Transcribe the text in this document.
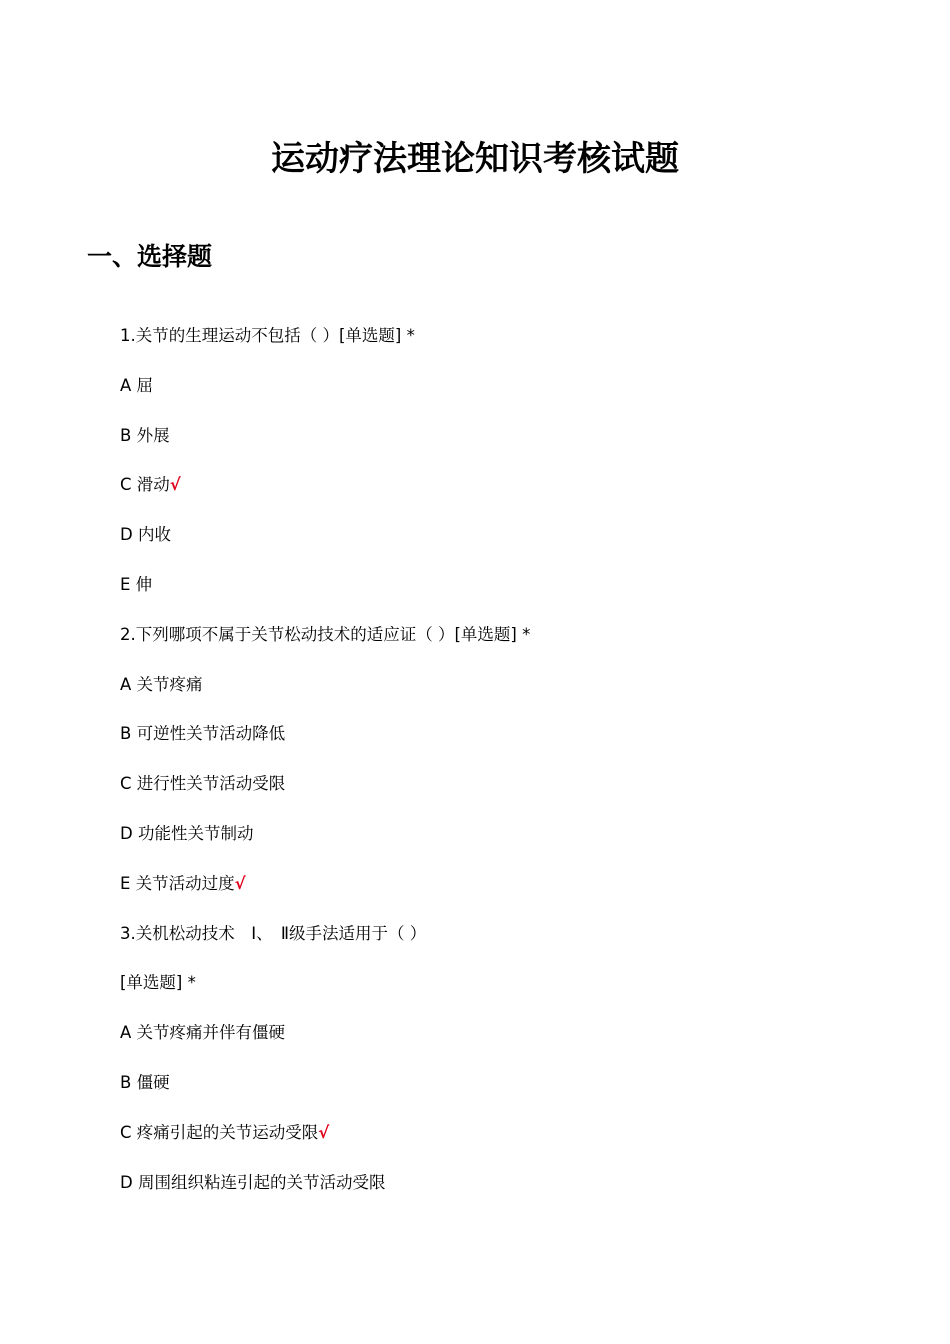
运动疗法理论知识考核试题
一、选择题
1.关节的生理运动不包括（ ）[单选题] *
A 屈
B 外展
C 滑动√
D 内收
E 伸
2.下列哪项不属于关节松动技术的适应证（ ）[单选题] *
A 关节疼痛
B 可逆性关节活动降低
C 进行性关节活动受限
D 功能性关节制动
E 关节活动过度√
3.关机松动技术　Ⅰ、　Ⅱ级手法适用于（ ）
[单选题] *
A 关节疼痛并伴有僵硬
B 僵硬
C 疼痛引起的关节运动受限√
D 周围组织粘连引起的关节活动受限
